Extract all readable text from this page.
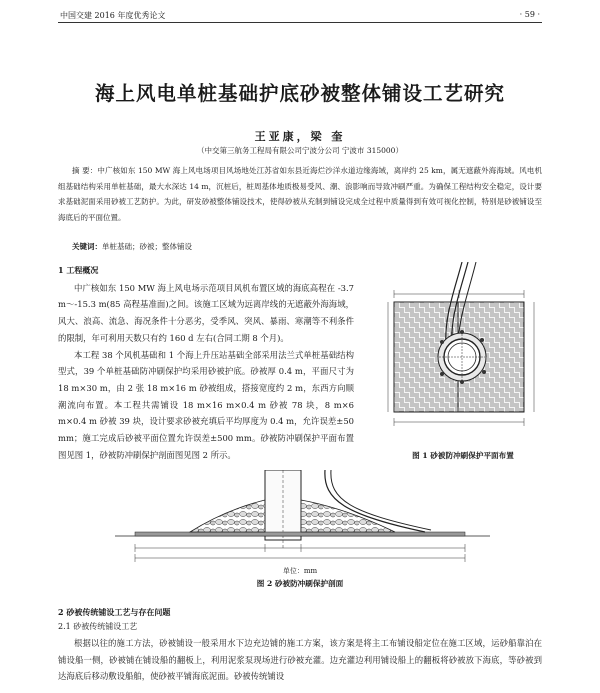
中国交建 2016 年度优秀论文	· 59 ·
海上风电单桩基础护底砂被整体铺设工艺研究
王亚康，梁 奎
（中交第三航务工程局有限公司宁波分公司 宁波市 315000）
摘 要：中广核如东 150 MW 海上风电场项目风场地处江苏省如东县近海烂沙洋水道边缘海域，离岸约 25 km，属无遮蔽外海海域。风电机组基础结构采用单桩基础，最大水深达 14 m，沉桩后，桩周基体地质极易受风、潮、浪影响而导致冲刷严重。为确保工程结构安全稳定，设计要求基础泥面采用砂被工艺防护。为此，研发砂被整体铺设技术，使得砂被从充制到铺设完成全过程中质量得到有效可视化控制，特别是砂被铺设至海底后的平面位置。
关键词：单桩基础；砂被；整体铺设
1 工程概况

中广核如东 150 MW 海上风电场示范项目风机布置区域的海底高程在 -3.7 m～-15.3 m(85 高程基准面)之间。该施工区域为远离岸线的无遮蔽外海海域，风大、浪高、流急、海况条件十分恶劣，受季风、突风、暴雨、寒潮等不利条件的限制，年可利用天数只有约 160 d 左右(合同工期 8 个月)。

本工程 38 个风机基础和 1 个海上升压站基础全部采用法兰式单桩基础结构型式，39 个单桩基础防冲刷保护均采用砂被护底。砂被厚 0.4 m，平面尺寸为 18 m×30 m，由 2 张 18 m×16 m 砂被组成，搭接宽度约 2 m，东西方向顺潮流向布置。本工程共需铺设 18 m×16 m×0.4 m 砂被 78 块，8 m×6 m×0.4 m 砂被 39 块，设计要求砂被充填后平均厚度为 0.4 m，允许误差±50 mm；施工完成后砂被平面位置允许误差±500 mm。砂被防冲刷保护平面布置图见图 1，砂被防冲刷保护剖面图见图 2 所示。	图 1 砂被防冲刷保护平面布置
单位：mm
图 2 砂被防冲刷保护剖面
2 砂被传统铺设工艺与存在问题
2.1 砂被传统铺设工艺

根据以往的施工方法，砂被铺设一般采用水下边充边铺的施工方案，该方案是将主工布铺设船定位在施工区域，运砂船靠泊在铺设船一侧，砂被铺在铺设船的翻板上，利用泥浆泵现场进行砂被充灌。边充灌边利用铺设船上的翻板将砂被放下海底，等砂被到达海底后移动敷设船舶，使砂被平铺海底泥面。砂被传统铺设
